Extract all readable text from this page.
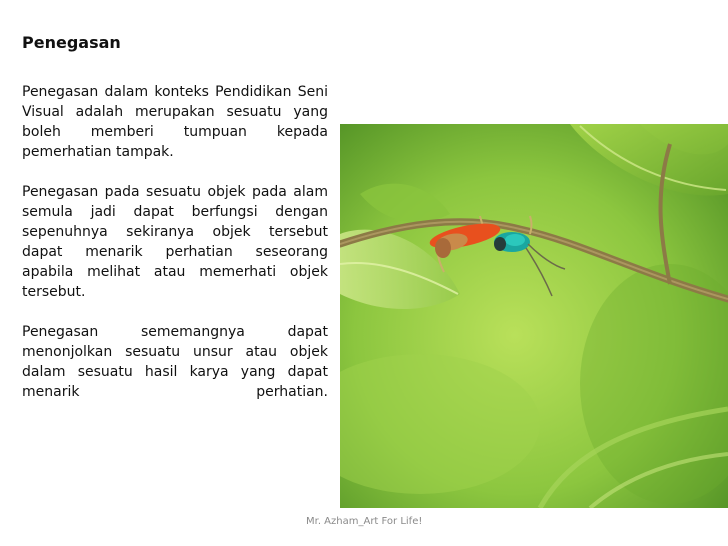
Penegasan

Penegasan dalam konteks Pendidikan Seni Visual adalah merupakan sesuatu yang boleh memberi tumpuan kepada pemerhatian tampak.

Penegasan pada sesuatu objek pada alam semula jadi dapat berfungsi dengan sepenuhnya sekiranya objek tersebut dapat menarik perhatian seseorang apabila melihat atau memerhati objek tersebut.

Penegasan sememangnya dapat menonjolkan sesuatu unsur atau objek dalam sesuatu hasil karya yang dapat menarik perhatian.

Mr. Azham_Art For Life!
